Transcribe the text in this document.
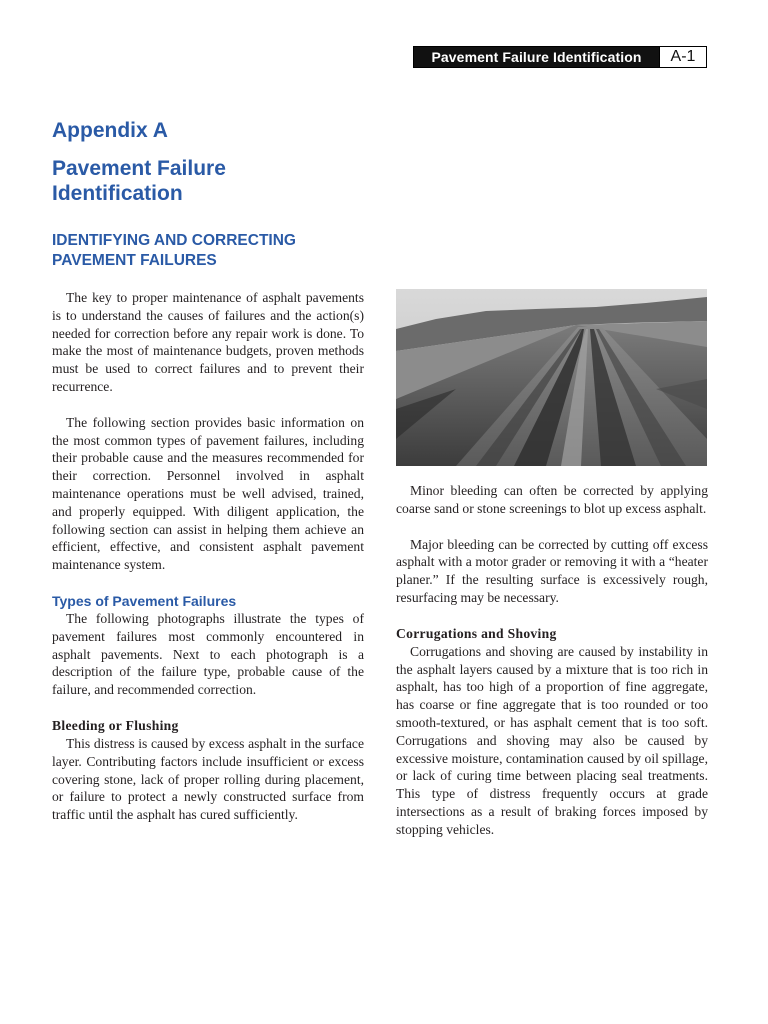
Pavement Failure Identification	A-1
Appendix A
Pavement Failure
Identification
IDENTIFYING AND CORRECTING
PAVEMENT FAILURES

The key to proper maintenance of asphalt pavements is to understand the causes of failures and the action(s) needed for correction before any repair work is done. To make the most of maintenance budgets, proven methods must be used to correct failures and to prevent their recurrence.

The following section provides basic information on the most common types of pavement failures, including their probable cause and the measures recommended for their correction. Personnel involved in asphalt maintenance operations must be well advised, trained, and properly equipped. With diligent application, the following section can assist in helping them achieve an efficient, effective, and consistent asphalt pavement maintenance system.

Types of Pavement Failures

The following photographs illustrate the types of pavement failures most commonly encountered in asphalt pavements. Next to each photograph is a description of the failure type, probable cause of the failure, and recommended correction.

Bleeding or Flushing

This distress is caused by excess asphalt in the surface layer. Contributing factors include insufficient or excess covering stone, lack of proper rolling during placement, or failure to protect a newly constructed surface from traffic until the asphalt has cured sufficiently.

Minor bleeding can often be corrected by applying coarse sand or stone screenings to blot up excess asphalt.

Major bleeding can be corrected by cutting off excess asphalt with a motor grader or removing it with a “heater planer.” If the resulting surface is excessively rough, resurfacing may be necessary.

Corrugations and Shoving

Corrugations and shoving are caused by instability in the asphalt layers caused by a mixture that is too rich in asphalt, has too high of a proportion of fine aggregate, has coarse or fine aggregate that is too rounded or too smooth-textured, or has asphalt cement that is too soft. Corrugations and shoving may also be caused by excessive moisture, contamination caused by oil spillage, or lack of curing time between placing seal treatments. This type of distress frequently occurs at grade intersections as a result of braking forces imposed by stopping vehicles.
